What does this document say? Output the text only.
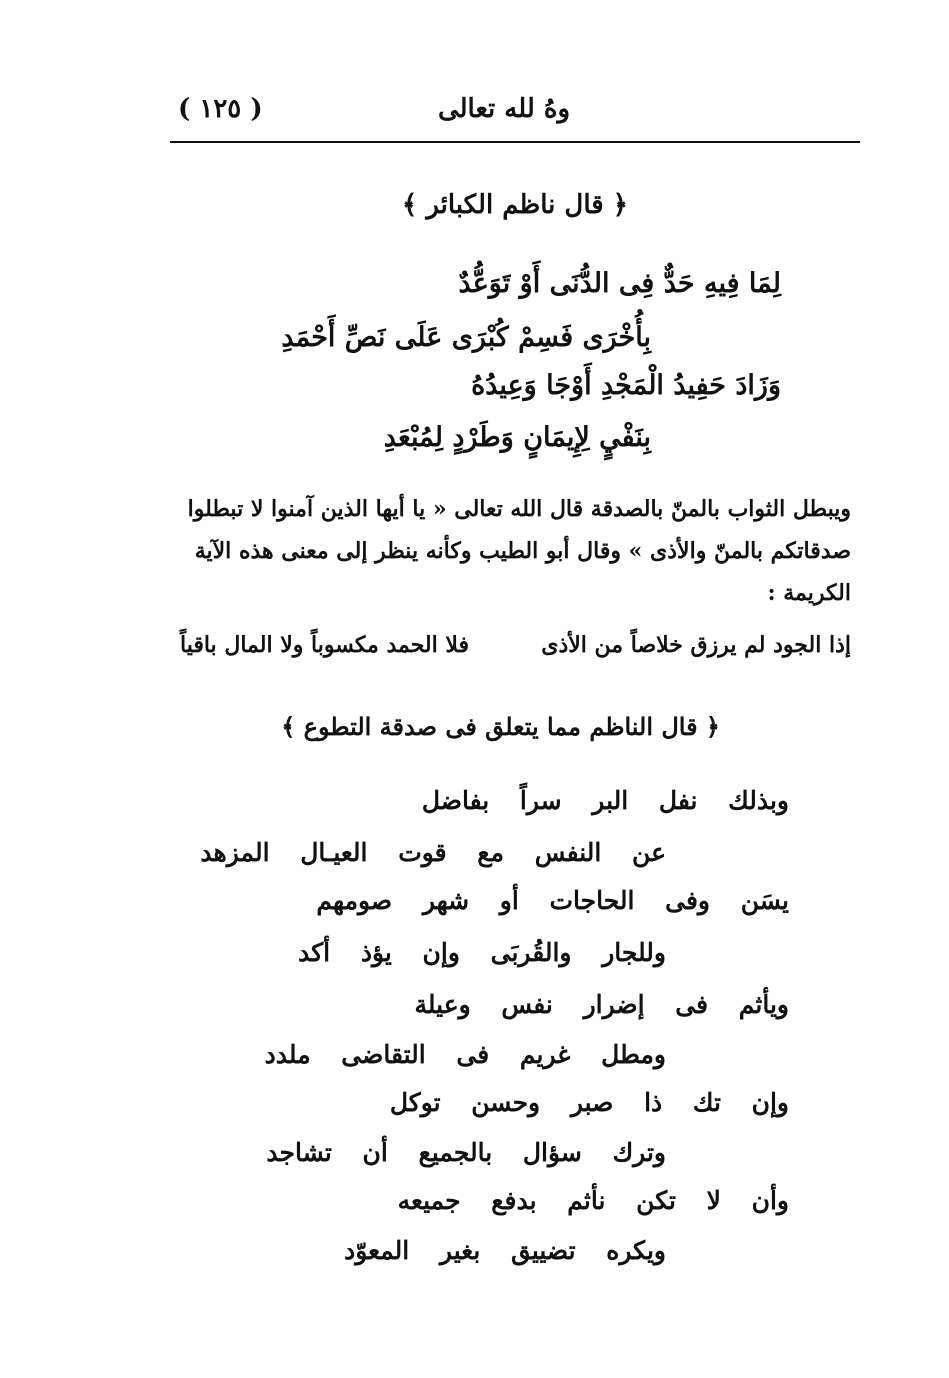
وهُ لله تعالى
( ١٢٥ )
﴿ قال ناظم الكبائر ﴾
لِمَا فِيهِ حَدٌّ فِى الدُّنَى أَوْ تَوَعُّدٌ
بِأُخْرَى فَسِمْ كُبْرَى عَلَى نَصِّ أَحْمَدِ
وَزَادَ حَفِيدُ الْمَجْدِ أَوْجَا وَعِيدُهُ
بِنَفْيٍ لِإِيمَانٍ وَطَرْدٍ لِمُبْعَدِ
ويبطل الثواب بالمنّ بالصدقة قال الله تعالى « يا أيها الذين آمنوا لا تبطلوا
صدقاتكم بالمنّ والأذى » وقال أبو الطيب وكأنه ينظر إلى معنى هذه الآية
الكريمة :
إذا الجود لم يرزق خلاصاً من الأذى
فلا الحمد مكسوباً ولا المال باقياً
﴿ قال الناظم مما يتعلق فى صدقة التطوع ﴾
وبذلك نفل البر سراً بفاضل
عن النفس مع قوت العيـال المزهد
يسَن وفى الحاجات أو شهر صومهم
وللجار والقُربَى وإن يؤذ أكد
ويأثم فى إضرار نفس وعيلة
ومطل غريم فى التقاضى ملدد
وإن تك ذا صبر وحسن توكل
وترك سؤال بالجميع أن تشاجد
وأن لا تكن نأثم بدفع جميعه
ويكره تضييق بغير المعوّد
